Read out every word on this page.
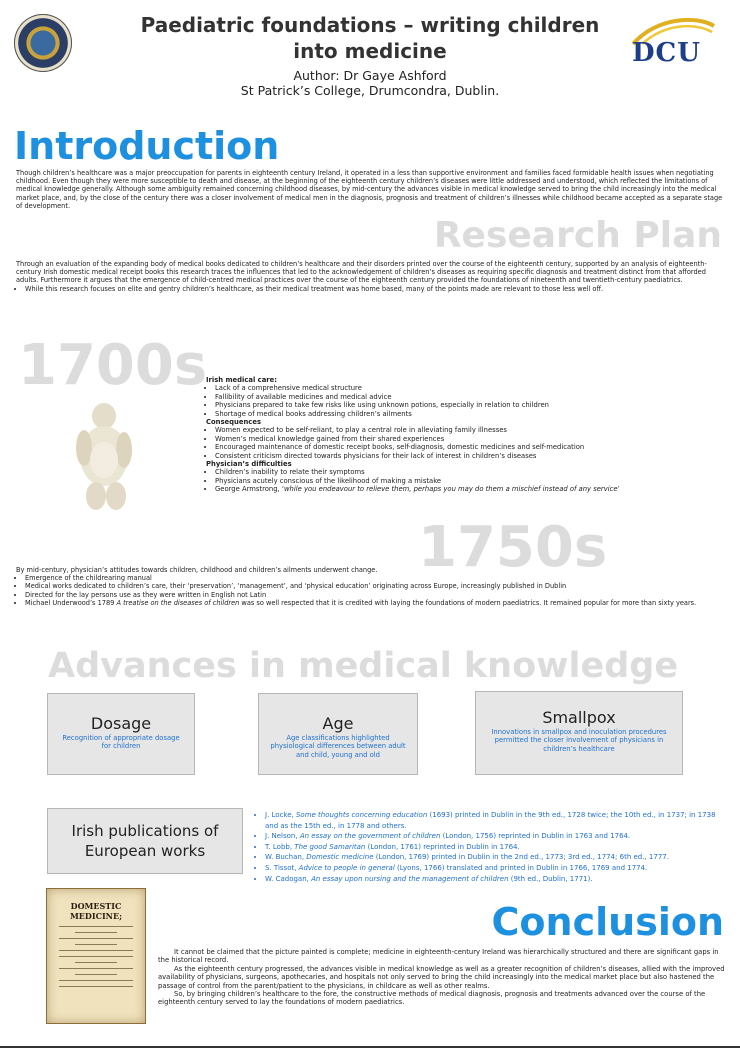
Paediatric foundations – writing children
into medicine
Author: Dr Gaye Ashford
St Patrick’s College, Drumcondra, Dublin.
DCU
Introduction
Though children’s healthcare was a major preoccupation for parents in eighteenth century Ireland, it operated in a less than supportive environment and families faced formidable health issues when negotiating childhood. Even though they were more susceptible to death and disease, at the beginning of the eighteenth century children’s diseases were little addressed and understood, which reflected the limitations of medical knowledge generally. Although some ambiguity remained concerning childhood diseases, by mid-century the advances visible in medical knowledge served to bring the child increasingly into the medical market place, and, by the close of the century there was a closer involvement of medical men in the diagnosis, prognosis and treatment of children’s illnesses while childhood became accepted as a separate stage of development.
Research Plan
Through an evaluation of the expanding body of medical books dedicated to children’s healthcare and their disorders printed over the course of the eighteenth century, supported by an analysis of eighteenth-century Irish domestic medical receipt books this research traces the influences that led to the acknowledgement of children’s diseases as requiring specific diagnosis and treatment distinct from that afforded adults. Furthermore it argues that the emergence of child-centred medical practices over the course of the eighteenth century provided the foundations of nineteenth and twentieth-century paediatrics.
• While this research focuses on elite and gentry children’s healthcare, as their medical treatment was home based, many of the points made are relevant to those less well off.
1700s
Irish medical care:
• Lack of a comprehensive medical structure
• Fallibility of available medicines and medical advice
• Physicians prepared to take few risks like using unknown potions, especially in relation to children
• Shortage of medical books addressing children’s ailments
Consequences
• Women expected to be self-reliant, to play a central role in alleviating family illnesses
• Women’s medical knowledge gained from their shared experiences
• Encouraged maintenance of domestic receipt books, self-diagnosis, domestic medicines and self-medication
• Consistent criticism directed towards physicians for their lack of interest in children’s diseases
Physician’s difficulties
• Children’s inability to relate their symptoms
• Physicians acutely conscious of the likelihood of making a mistake
• George Armstrong, ‘while you endeavour to relieve them, perhaps you may do them a mischief instead of any service’
1750s
By mid-century, physician’s attitudes towards children, childhood and children’s ailments underwent change.
• Emergence of the childrearing manual
• Medical works dedicated to children’s care, their ‘preservation’, ‘management’, and ‘physical education’ originating across Europe, increasingly published in Dublin
• Directed for the lay persons use as they were written in English not Latin
• Michael Underwood’s 1789 A treatise on the diseases of children was so well respected that it is credited with laying the foundations of modern paediatrics. It remained popular for more than sixty years.
Advances in medical knowledge
Dosage
Recognition of appropriate dosage for children
Age
Age classifications highlighted physiological differences between adult and child, young and old
Smallpox
Innovations in smallpox and inoculation procedures permitted the closer involvement of physicians in children’s healthcare
Irish publications of European works
• J. Locke, Some thoughts concerning education (1693) printed in Dublin in the 9th ed., 1728 twice; the 10th ed., in 1737; in 1738 and as the 15th ed., in 1778 and others.
• J. Nelson, An essay on the government of children (London, 1756) reprinted in Dublin in 1763 and 1764.
• T. Lobb, The good Samaritan (London, 1761) reprinted in Dublin in 1764.
• W. Buchan, Domestic medicine (London, 1769) printed in Dublin in the 2nd ed., 1773; 3rd ed., 1774; 6th ed., 1777.
• S. Tissot, Advice to people in general (Lyons, 1766) translated and printed in Dublin in 1766, 1769 and 1774.
• W. Cadogan, An essay upon nursing and the management of children (9th ed., Dublin, 1771).
DOMESTIC MEDICINE;	Conclusion

It cannot be claimed that the picture painted is complete; medicine in eighteenth-century Ireland was hierarchically structured and there are significant gaps in the historical record.

As the eighteenth century progressed, the advances visible in medical knowledge as well as a greater recognition of children’s diseases, allied with the improved availability of physicians, surgeons, apothecaries, and hospitals not only served to bring the child increasingly into the medical market place but also hastened the passage of control from the parent/patient to the physicians, in childcare as well as other realms.

So, by bringing children’s healthcare to the fore, the constructive methods of medical diagnosis, prognosis and treatments advanced over the course of the eighteenth century served to lay the foundations of modern paediatrics.
